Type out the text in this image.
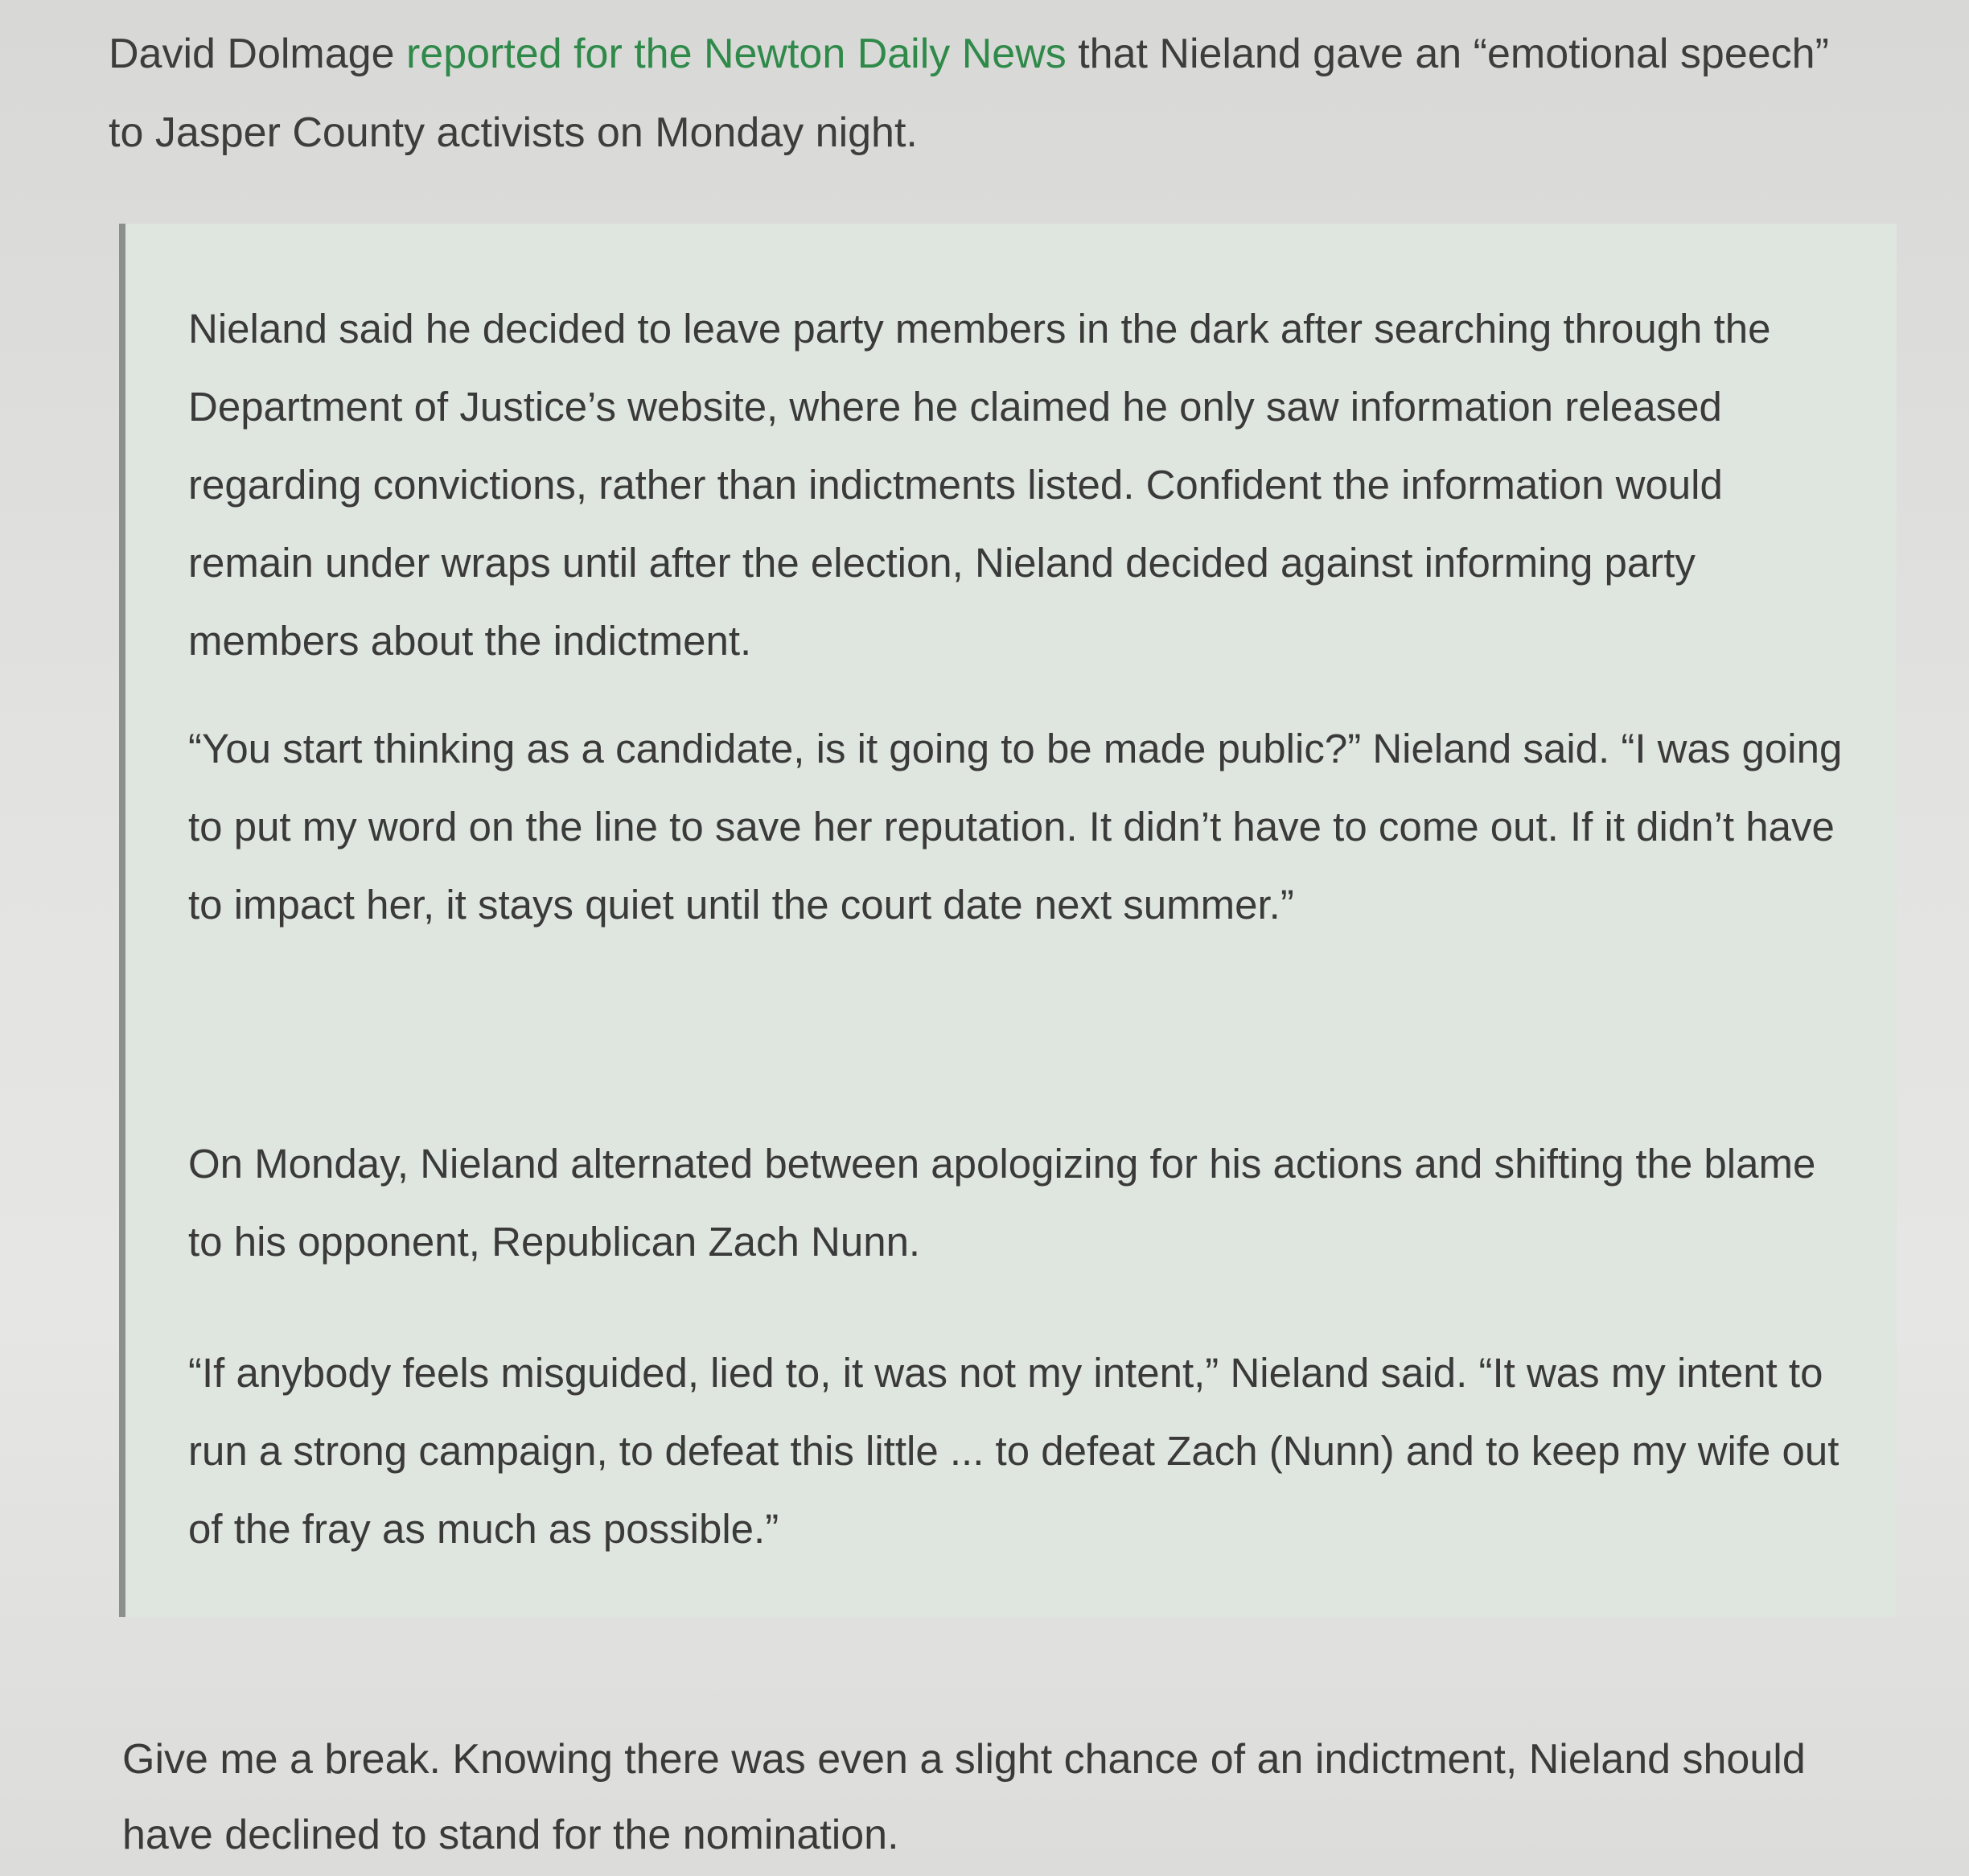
David Dolmage reported for the Newton Daily News that Nieland gave an “emotional speech” to Jasper County activists on Monday night.

Nieland said he decided to leave party members in the dark after searching through the Department of Justice’s website, where he claimed he only saw information released regarding convictions, rather than indictments listed. Confident the information would remain under wraps until after the election, Nieland decided against informing party members about the indictment.

“You start thinking as a candidate, is it going to be made public?” Nieland said. “I was going to put my word on the line to save her reputation. It didn’t have to come out. If it didn’t have to impact her, it stays quiet until the court date next summer.”

On Monday, Nieland alternated between apologizing for his actions and shifting the blame to his opponent, Republican Zach Nunn.

“If anybody feels misguided, lied to, it was not my intent,” Nieland said. “It was my intent to run a strong campaign, to defeat this little ... to defeat Zach (Nunn) and to keep my wife out of the fray as much as possible.”

Give me a break. Knowing there was even a slight chance of an indictment, Nieland should have declined to stand for the nomination.
